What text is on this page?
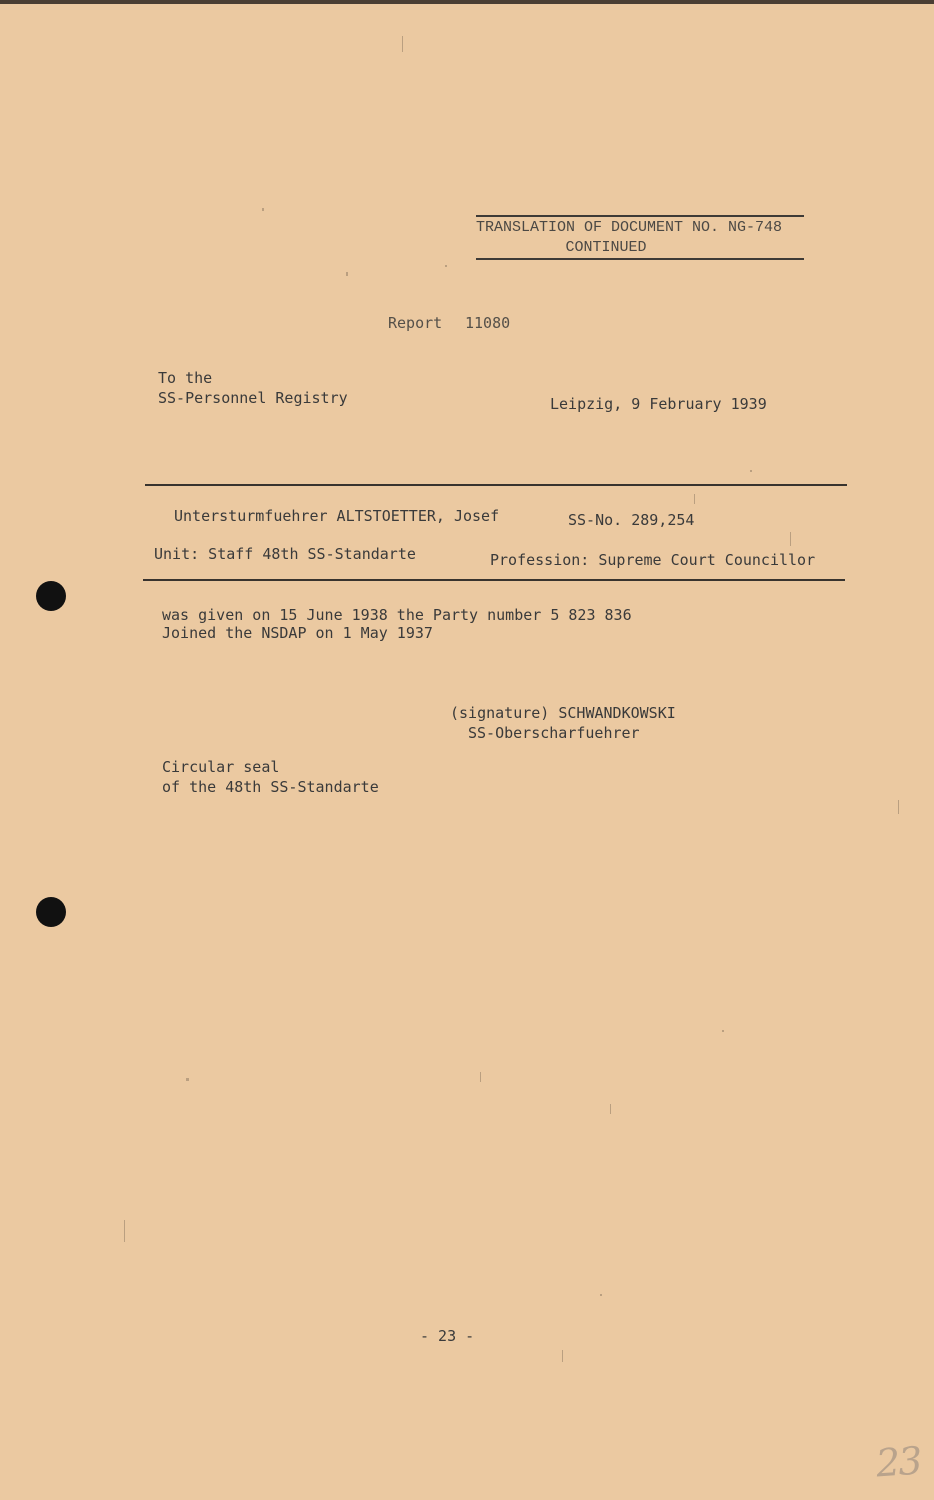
TRANSLATION OF DOCUMENT NO. NG-748
CONTINUED
Report 11080
To the
SS-Personnel Registry	Leipzig, 9 February 1939
Untersturmfuehrer ALTSTOETTER, Josef	SS-No. 289,254
Unit: Staff 48th SS-Standarte	Profession: Supreme Court Councillor
was given on 15 June 1938 the Party number 5 823 836
Joined the NSDAP on 1 May 1937
(signature) SCHWANDKOWSKI
SS-Oberscharfuehrer
Circular seal
of the 48th SS-Standarte
- 23 -
23
